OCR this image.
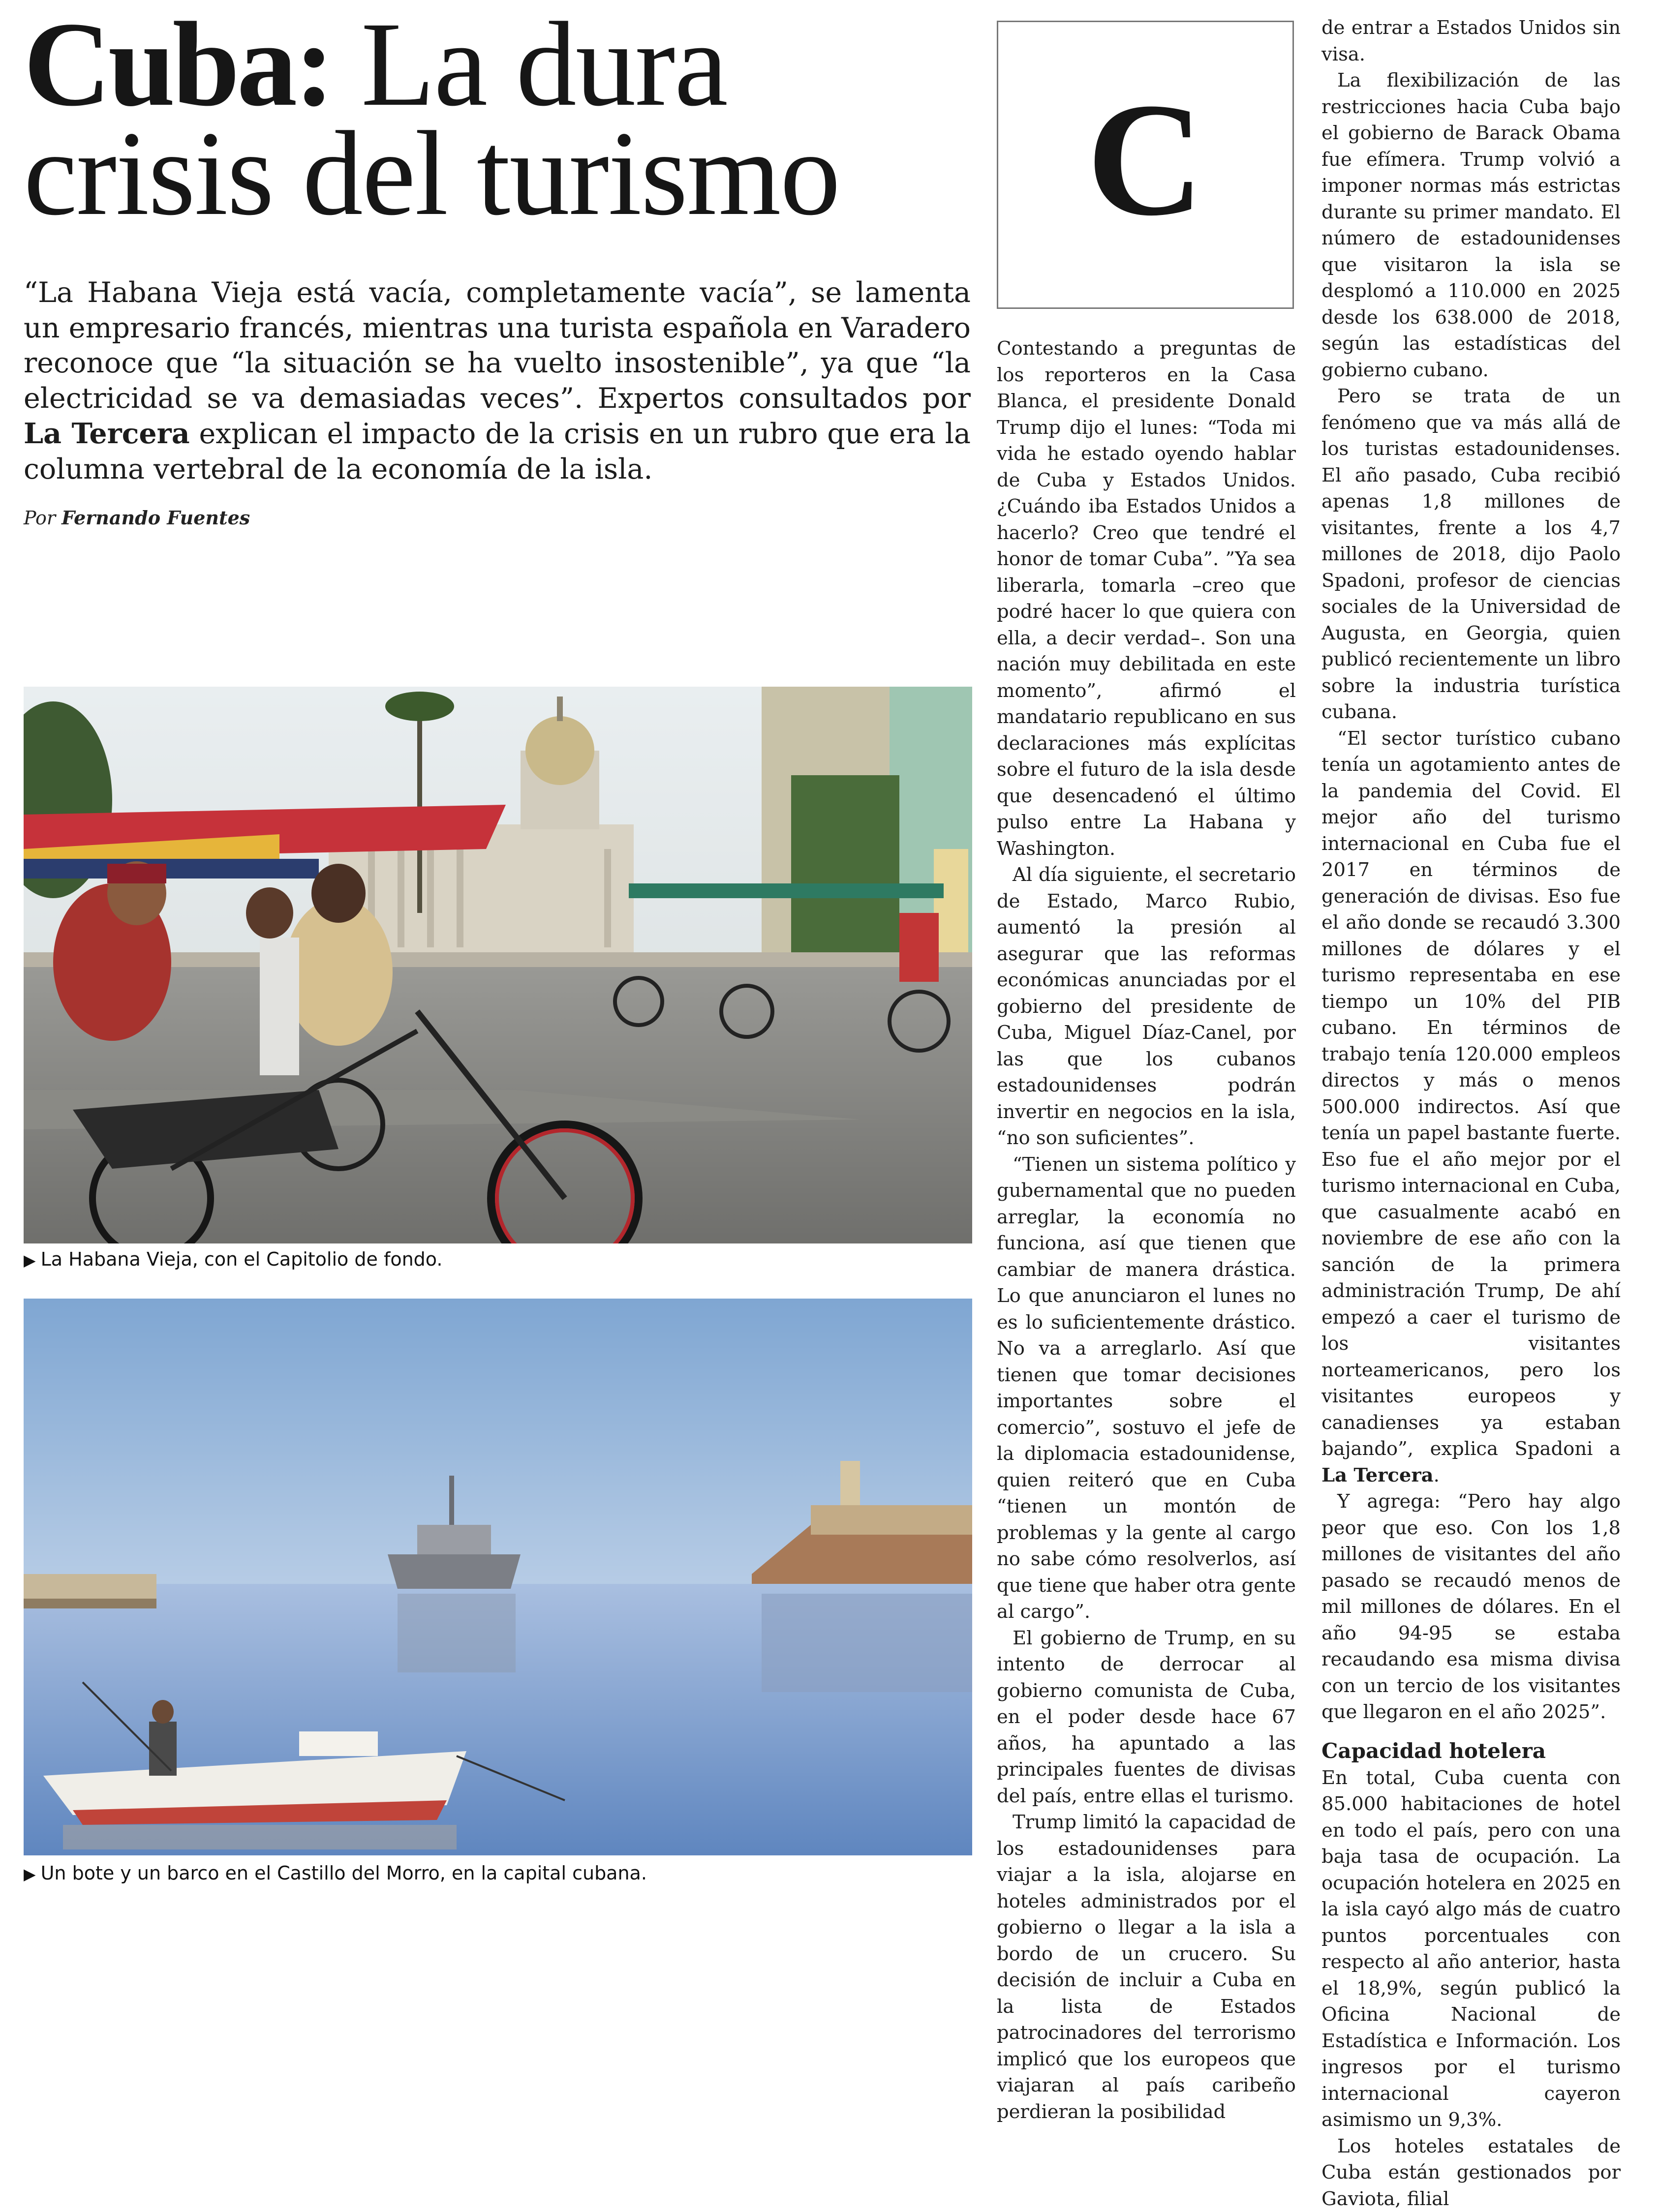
Cuba: La dura crisis del turismo

“La Habana Vieja está vacía, completamente vacía”, se lamenta un empresario francés, mientras una turista española en Varadero reconoce que “la situación se ha vuelto insostenible”, ya que “la electricidad se va demasiadas veces”. Expertos consultados por La Tercera explican el impacto de la crisis en un rubro que era la columna vertebral de la economía de la isla.

Por Fernando Fuentes
▶ La Habana Vieja, con el Capitolio de fondo.
▶ Un bote y un barco en el Castillo del Morro, en la capital cubana.
C

Contestando a preguntas de los reporteros en la Casa Blanca, el presidente Donald Trump dijo el lunes: “Toda mi vida he estado oyendo hablar de Cuba y Estados Unidos. ¿Cuándo iba Estados Unidos a hacerlo? Creo que tendré el honor de tomar Cuba”. ”Ya sea liberarla, tomarla –creo que podré hacer lo que quiera con ella, a decir verdad–. Son una nación muy debilitada en este momento”, afirmó el mandatario republicano en sus declaraciones más explícitas sobre el futuro de la isla desde que desencadenó el último pulso entre La Habana y Washington.

Al día siguiente, el secretario de Estado, Marco Rubio, aumentó la presión al asegurar que las reformas económicas anunciadas por el gobierno del presidente de Cuba, Miguel Díaz-Canel, por las que los cubanos estadounidenses podrán invertir en negocios en la isla, “no son suficientes”.

“Tienen un sistema político y gubernamental que no pueden arreglar, la economía no funciona, así que tienen que cambiar de manera drástica. Lo que anunciaron el lunes no es lo suficientemente drástico. No va a arreglarlo. Así que tienen que tomar decisiones importantes sobre el comercio”, sostuvo el jefe de la diplomacia estadounidense, quien reiteró que en Cuba “tienen un montón de problemas y la gente al cargo no sabe cómo resolverlos, así que tiene que haber otra gente al cargo”.

El gobierno de Trump, en su intento de derrocar al gobierno comunista de Cuba, en el poder desde hace 67 años, ha apuntado a las principales fuentes de divisas del país, entre ellas el turismo.

Trump limitó la capacidad de los estadounidenses para viajar a la isla, alojarse en hoteles administrados por el gobierno o llegar a la isla a bordo de un crucero. Su decisión de incluir a Cuba en la lista de Estados patrocinadores del terrorismo implicó que los europeos que viajaran al país caribeño perdieran la posibilidad

de entrar a Estados Unidos sin visa.

La flexibilización de las restricciones hacia Cuba bajo el gobierno de Barack Obama fue efímera. Trump volvió a imponer normas más estrictas durante su primer mandato. El número de estadounidenses que visitaron la isla se desplomó a 110.000 en 2025 desde los 638.000 de 2018, según las estadísticas del gobierno cubano.

Pero se trata de un fenómeno que va más allá de los turistas estadounidenses. El año pasado, Cuba recibió apenas 1,8 millones de visitantes, frente a los 4,7 millones de 2018, dijo Paolo Spadoni, profesor de ciencias sociales de la Universidad de Augusta, en Georgia, quien publicó recientemente un libro sobre la industria turística cubana.

“El sector turístico cubano tenía un agotamiento antes de la pandemia del Covid. El mejor año del turismo internacional en Cuba fue el 2017 en términos de generación de divisas. Eso fue el año donde se recaudó 3.300 millones de dólares y el turismo representaba en ese tiempo un 10% del PIB cubano. En términos de trabajo tenía 120.000 empleos directos y más o menos 500.000 indirectos. Así que tenía un papel bastante fuerte. Eso fue el año mejor por el turismo internacional en Cuba, que casualmente acabó en noviembre de ese año con la sanción de la primera administración Trump, De ahí empezó a caer el turismo de los visitantes norteamericanos, pero los visitantes europeos y canadienses ya estaban bajando”, explica Spadoni a La Tercera.

Y agrega: “Pero hay algo peor que eso. Con los 1,8 millones de visitantes del año pasado se recaudó menos de mil millones de dólares. En el año 94-95 se estaba recaudando esa misma divisa con un tercio de los visitantes que llegaron en el año 2025”.

Capacidad hotelera

En total, Cuba cuenta con 85.000 habitaciones de hotel en todo el país, pero con una baja tasa de ocupación. La ocupación hotelera en 2025 en la isla cayó algo más de cuatro puntos porcentuales con respecto al año anterior, hasta el 18,9%, según publicó la Oficina Nacional de Estadística e Información. Los ingresos por el turismo internacional cayeron asimismo un 9,3%.

Los hoteles estatales de Cuba están gestionados por Gaviota, filial
